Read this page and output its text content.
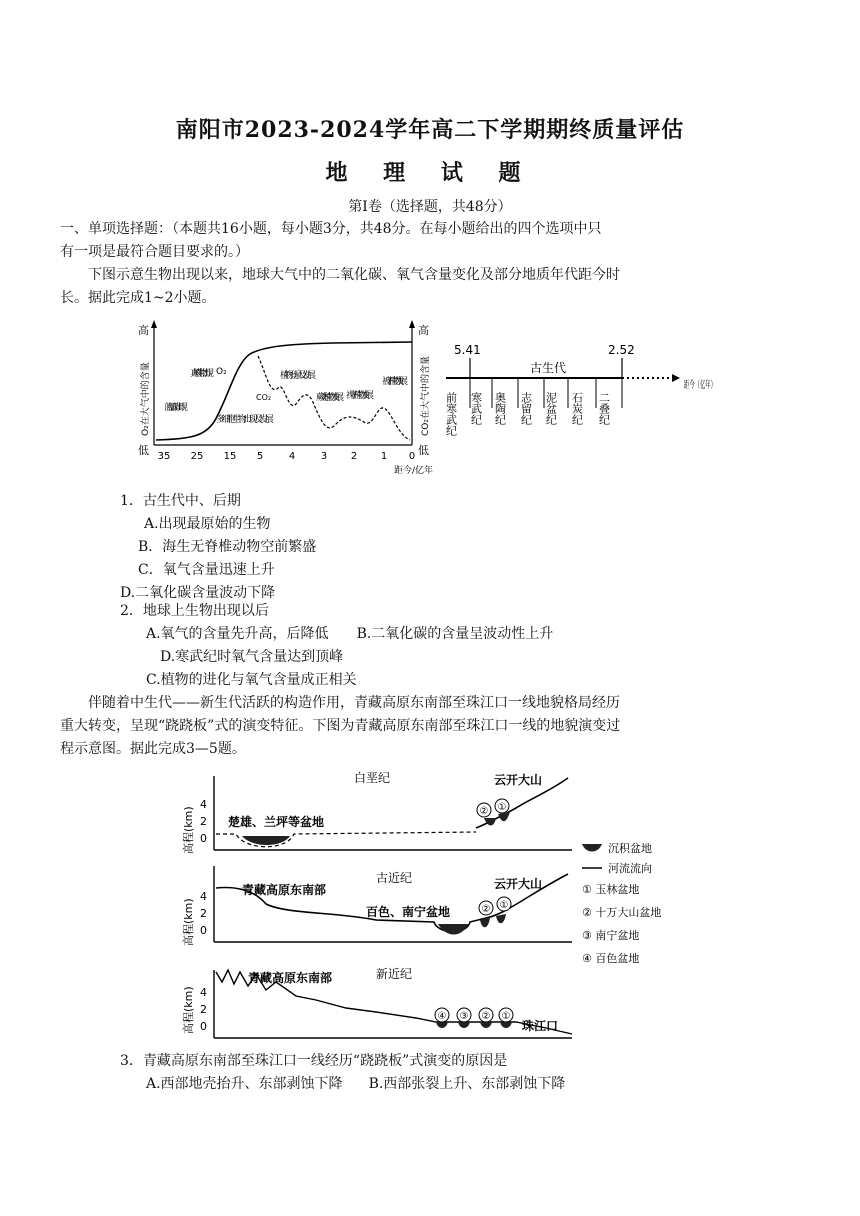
南阳市2023-2024学年高二下学期期终质量评估
地 理 试 题
第I卷（选择题，共48分）
一、单项选择题：（本题共16小题，每小题3分，共48分。在每小题给出的四个选项中只
有一项是最符合题目要求的。）
下图示意生物出现以来，地球大气中的二氧化碳、氧气含量变化及部分地质年代距今时
长。据此完成1~2小题。
高
低
O₂在大气中的含量
高
低
CO₂在大气中的含量
35 25 15 5	4	3 2 1 0
距今/亿年
O₂
CO₂
蓝细菌出现
真核生物出现
多细胞生物出现及发展
植物登录及发展
蕨类植物发展 裸子植物发展
被子植物发展
5.41	2.52
古生代
前寒武纪 寒武纪 奥陶纪 志留纪 泥盆纪 石炭纪 二叠纪
距今（亿年）
1．古生代中、后期
A.出现最原始的生物
B．海生无脊椎动物空前繁盛
C．氧气含量迅速上升
D.二氧化碳含量波动下降
2．地球上生物出现以后
A.氧气的含量先升高，后降低 B.二氧化碳的含量呈波动性上升
D.寒武纪时氧气含量达到顶峰
C.植物的进化与氧气含量成正相关
伴随着中生代——新生代活跃的构造作用，青藏高原东南部至珠江口一线地貌格局经历
重大转变，呈现“跷跷板”式的演变特征。下图为青藏高原东南部至珠江口一线的地貌演变过
程示意图。据此完成3—5题。
高程(km)
4
2
0
白垩纪
楚雄、兰坪等盆地
云开大山
② ①
高程(km)
4
2
0
古近纪
青藏高原东南部
百色、南宁盆地
云开大山
② ①
高程(km) 4
2
0
新近纪
青藏高原东南部
珠江口
④ ③ ② ①
沉积盆地
河流流向
① 玉林盆地
② 十万大山盆地
③ 南宁盆地
④ 百色盆地
3．青藏高原东南部至珠江口一线经历“跷跷板”式演变的原因是
A.西部地壳抬升、东部剥蚀下降 B.西部张裂上升、东部剥蚀下降
